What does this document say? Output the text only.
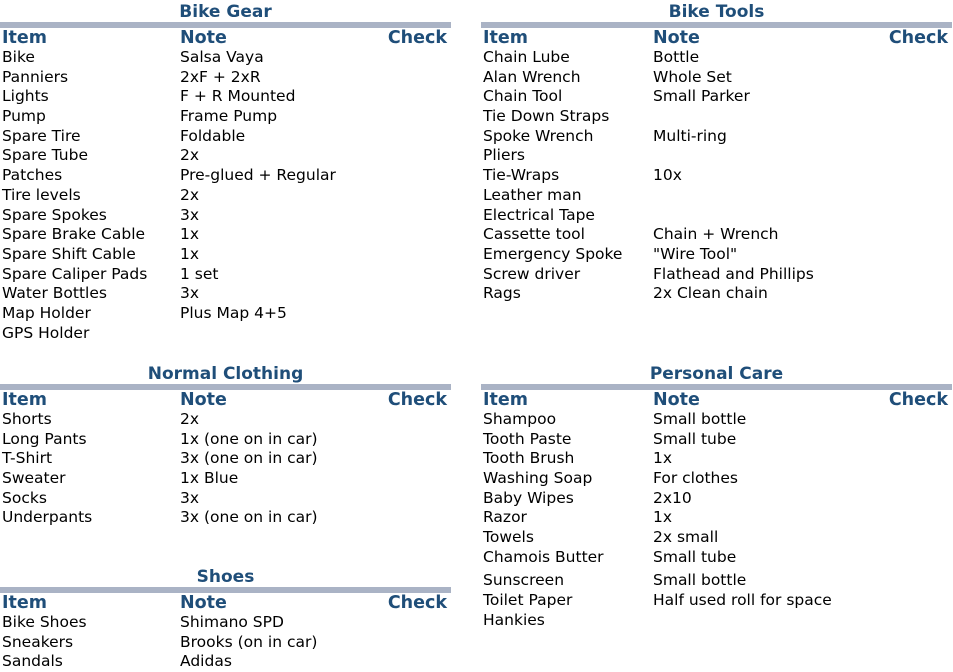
Bike Gear
Item	Note	Check
Bike	Salsa Vaya
Panniers	2xF + 2xR
Lights	F + R Mounted
Pump	Frame Pump
Spare Tire	Foldable
Spare Tube	2x
Patches	Pre-glued + Regular
Tire levels	2x
Spare Spokes	3x
Spare Brake Cable 1x
Spare Shift Cable	1x
Spare Caliper Pads 1 set
Water Bottles	3x
Map Holder	Plus Map 4+5
GPS Holder
Bike Tools
Item	Note	Check
Chain Lube	Bottle
Alan Wrench	Whole Set
Chain Tool	Small Parker
Tie Down Straps
Spoke Wrench	Multi-ring
Pliers
Tie-Wraps	10x
Leather man
Electrical Tape
Cassette tool	Chain + Wrench
Emergency Spoke "Wire Tool"
Screw driver	Flathead and Phillips
Rags	2x Clean chain
Normal Clothing
Item	Note	Check
Shorts	2x
Long Pants	1x (one on in car)
T-Shirt	3x (one on in car)
Sweater	1x Blue
Socks	3x
Underpants	3x (one on in car)
Personal Care
Item	Note	Check
Shampoo	Small bottle
Tooth Paste	Small tube
Tooth Brush	1x
Washing Soap	For clothes
Baby Wipes	2x10
Razor	1x
Towels	2x small
Chamois Butter	Small tube
Sunscreen	Small bottle
Toilet Paper	Half used roll for space
Hankies
Shoes
Item	Note	Check
Bike Shoes	Shimano SPD
Sneakers	Brooks (on in car)
Sandals	Adidas
